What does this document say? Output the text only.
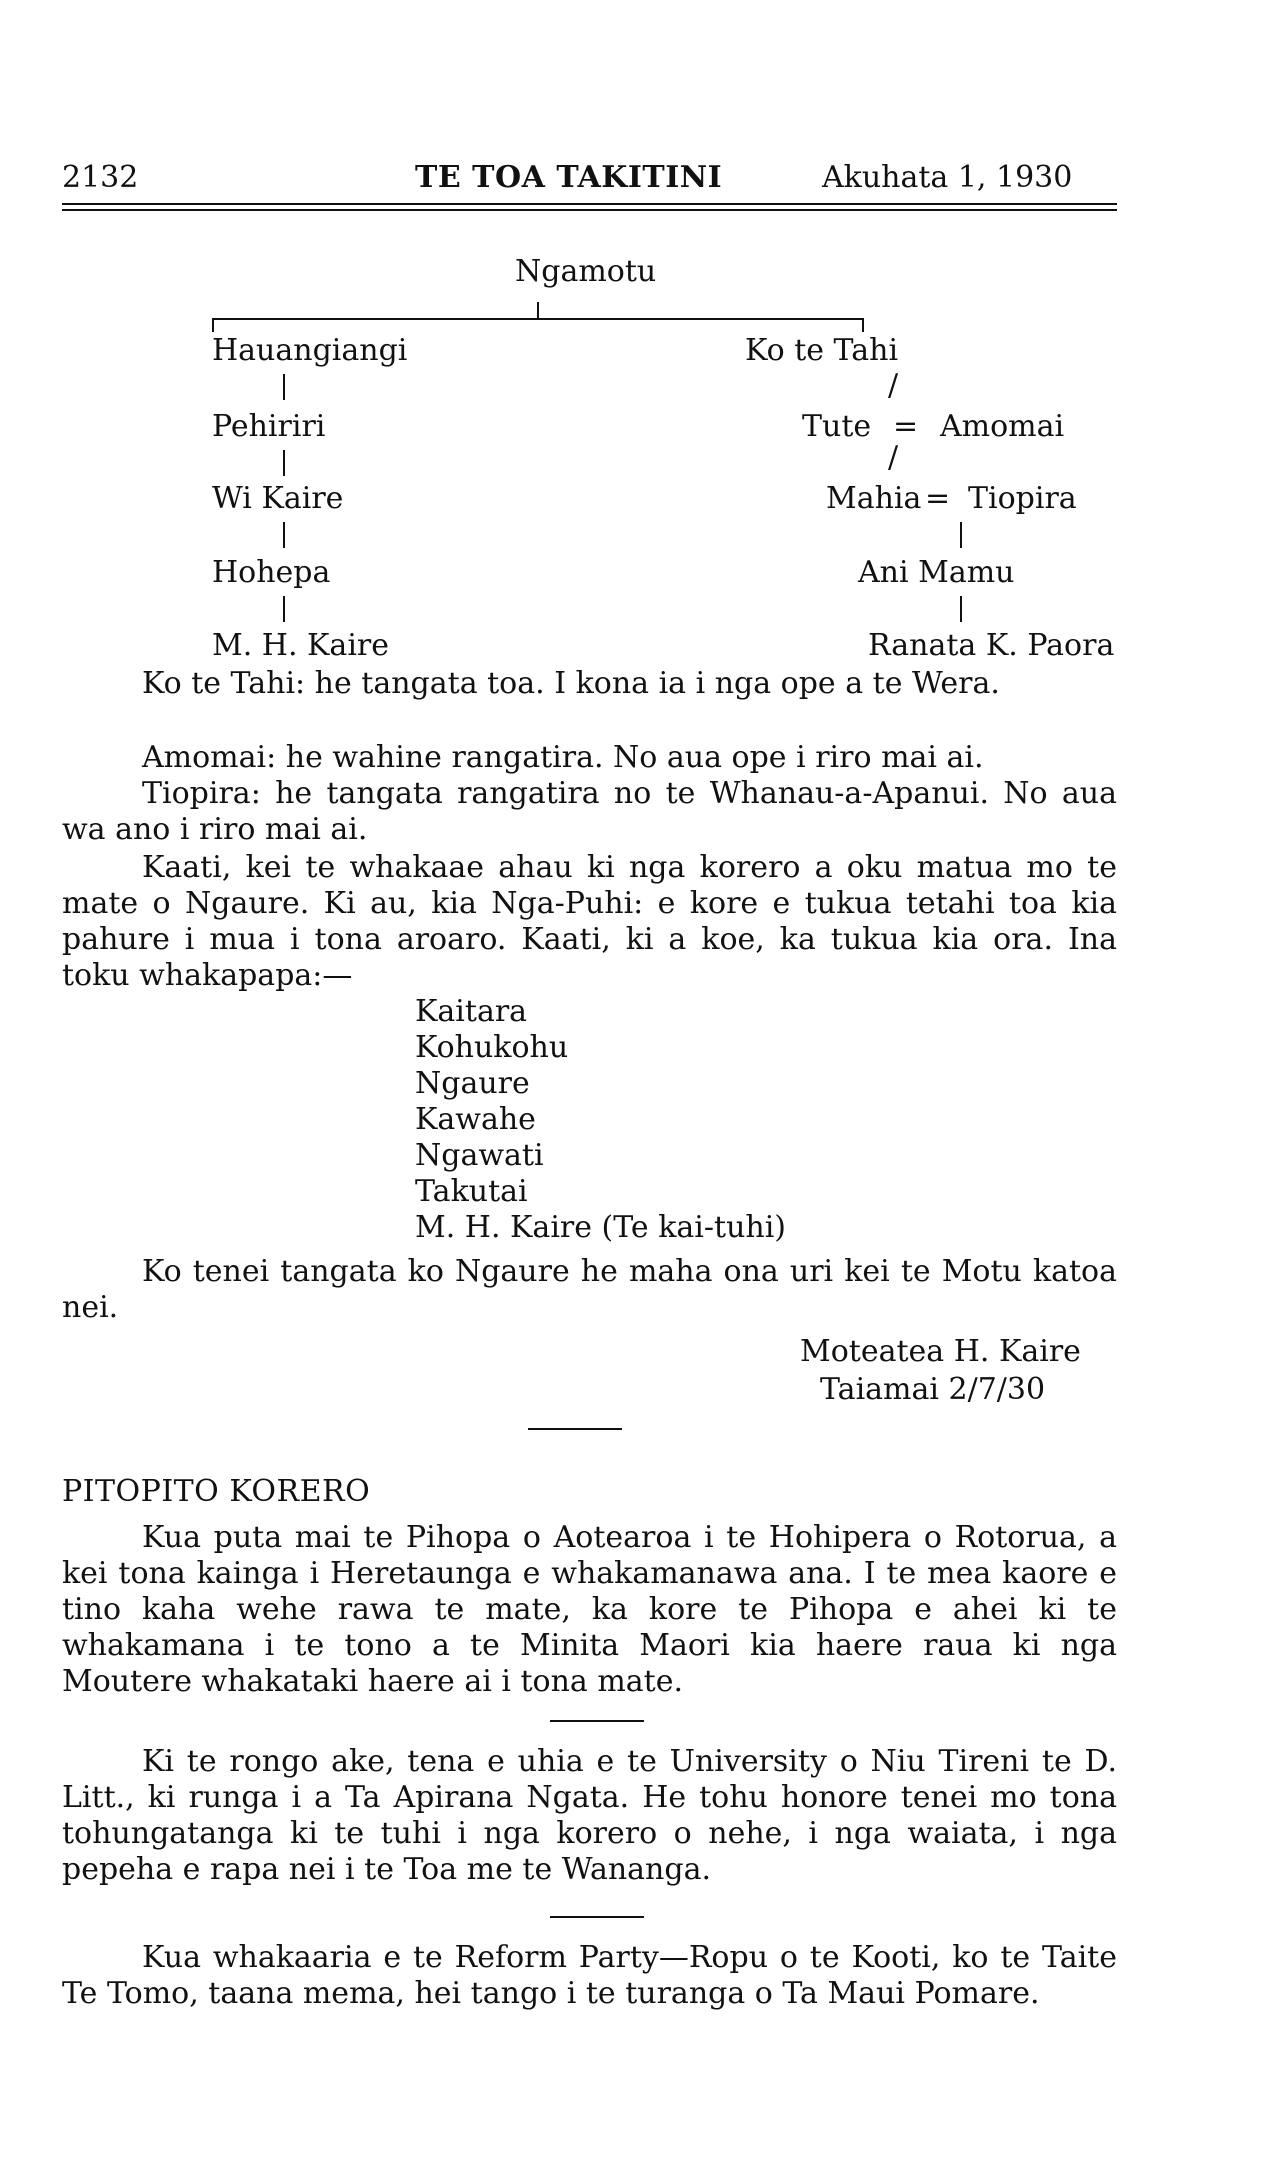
2132	TE TOA TAKITINI	Akuhata 1, 1930
Ngamotu
Hauangiangi
Pehiriri
Wi Kaire
Hohepa
M. H. Kaire
Ko te Tahi
/
Tute = Amomai
/
Mahia = Tiopira
Ani Mamu
Ranata K. Paora

Ko te Tahi: he tangata toa. I kona ia i nga ope a te Wera.

Amomai: he wahine rangatira. No aua ope i riro mai ai.

Tiopira: he tangata rangatira no te Whanau-a-Apanui. No aua wa ano i riro mai ai.

Kaati, kei te whakaae ahau ki nga korero a oku matua mo te mate o Ngaure. Ki au, kia Nga-Puhi: e kore e tukua tetahi toa kia pahure i mua i tona aroaro. Kaati, ki a koe, ka tukua kia ora. Ina toku whakapapa:—

Kaitara
Kohukohu
Ngaure
Kawahe
Ngawati
Takutai
M. H. Kaire (Te kai-tuhi)

Ko tenei tangata ko Ngaure he maha ona uri kei te Motu katoa nei.

Moteatea H. Kaire
Taiamai 2/7/30
PITOPITO KORERO

Kua puta mai te Pihopa o Aotearoa i te Hohipera o Rotorua, a kei tona kainga i Heretaunga e whakamanawa ana. I te mea kaore e tino kaha wehe rawa te mate, ka kore te Pihopa e ahei ki te whakamana i te tono a te Minita Maori kia haere raua ki nga Moutere whakataki haere ai i tona mate.

Ki te rongo ake, tena e uhia e te University o Niu Tireni te D. Litt., ki runga i a Ta Apirana Ngata. He tohu honore tenei mo tona tohungatanga ki te tuhi i nga korero o nehe, i nga waiata, i nga pepeha e rapa nei i te Toa me te Wananga.

Kua whakaaria e te Reform Party—Ropu o te Kooti, ko te Taite Te Tomo, taana mema, hei tango i te turanga o Ta Maui Pomare.
